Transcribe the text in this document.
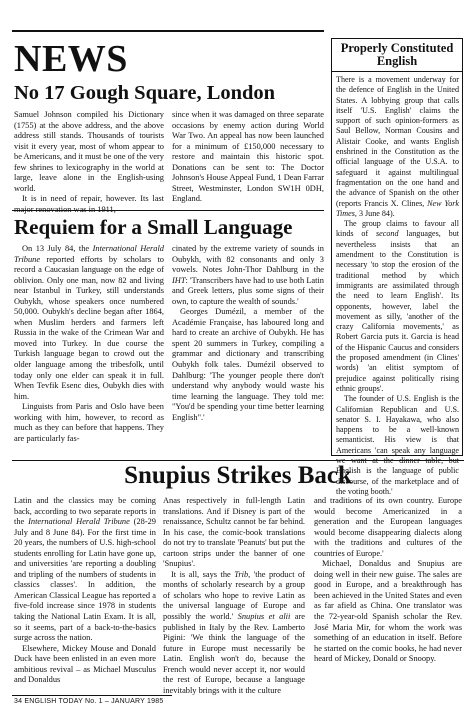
NEWS
No 17 Gough Square, London

Samuel Johnson compiled his Dictionary (1755) at the above address, and the above address still stands. Thousands of tourists visit it every year, most of whom appear to be Americans, and it must be one of the very few shrines to lexicography in the world at large, leave alone in the English-using world.

It is in need of repair, however. Its last

since when it was damaged on three separate occasions by enemy action during World War Two. An appeal has now been launched for a minimum of £150,000 necessary to restore and maintain this historic spot. Donations can be sent to: The Doctor Johnson's House Appeal Fund, 1 Dean Farrar Street, Westminster, London SW1H 0DH, England.

Requiem for a Small Language

On 13 July 84, the International Herald Tribune reported efforts by scholars to record a Caucasian language on the edge of oblivion. Only one man, now 82 and living near Istanbul in Turkey, still understands Oubykh, whose speakers once numbered 50,000. Oubykh's decline began after 1864, when Muslim herders and farmers left Russia in the wake of the Crimean War and moved into Turkey. In due course the Turkish language began to crowd out the older language among the tribesfolk, until today only one elder can speak it in full. When Tevfik Esenc dies, Oubykh dies with him.

Linguists from Paris and Oslo have been working with him, however, to record as much as they can before that happens. They are particularly fas-

cinated by the extreme variety of sounds in Oubykh, with 82 consonants and only 3 vowels. Notes John-Thor Dahlburg in the IHT: 'Transcribers have had to use both Latin and Greek letters, plus some signs of their own, to capture the wealth of sounds.'

Georges Dumézil, a member of the Académie Française, has laboured long and hard to create an archive of Oubykh. He has spent 20 summers in Turkey, compiling a grammar and dictionary and transcribing Oubykh folk tales. Dumézil observed to Dahlburg: 'The younger people there don't understand why anybody would waste his time learning the language. They told me: "You'd be spending your time better learning English".'

Properly Constituted
English

There is a movement underway for the defence of English in the United States. A lobbying group that calls itself 'U.S. English' claims the support of such opinion-formers as Saul Bellow, Norman Cousins and Alistair Cooke, and wants English enshrined in the Constitution as the official language of the U.S.A. to safeguard it against multilingual fragmentation on the one hand and the advance of Spanish on the other (reports Francis X. Clines, New York Times, 3 June 84).

The group claims to favour all kinds of second languages, but nevertheless insists that an amendment to the Constitution is necessary 'to stop the erosion of the traditional method by which immigrants are assimilated through the need to learn English'. Its opponents, however, label the movement as silly, 'another of the crazy California movements,' as Robert Garcia puts it. Garcia is head of the Hispanic Caucus and considers the proposed amendment (in Clines' words) 'an elitist symptom of prejudice against politically rising ethnic groups'.

The founder of U.S. English is the Californian Republican and U.S. senator S. I. Hayakawa, who also happens to be a well-known semanticist. His view is that Americans 'can speak any language English is the language of public discourse, of the marketplace and of the voting booth.'

Snupius Strikes Back

Latin and the classics may be coming back, according to two separate reports in the International Herald Tribune (28-29 July and 8 June 84). For the first time in 20 years, the numbers of U.S. high-school students enrolling for Latin have gone up, and universities 'are reporting a doubling and tripling of the numbers of students in classics classes'. In addition, the American Classical League has reported a five-fold increase since 1978 in students taking the National Latin Exam. It is all, so it seems, part of a back-to-the-basics surge across the nation.

Elsewhere, Mickey Mouse and Donald Duck have been enlisted in an even more ambitious revival – as Michael Musculus and Donaldus

Anas respectively in full-length Latin translations. And if Disney is part of the renaissance, Schultz cannot be far behind. In his case, the comic-book translations do not try to translate 'Peanuts' but put the cartoon strips under the banner of one 'Snupius'.

It is all, says the Trib, 'the product of months of scholarly research by a group of scholars who hope to revive Latin as the universal language of Europe and possibly the world.' Snupius et alii are published in Italy by the Rev. Lamberto Pigini: 'We think the language of the future in Europe must necessarily be Latin. English won't do, because the French would never accept it, nor would the rest of Europe, because a language inevitably brings with it the culture

and traditions of its own country. Europe would become Americanized in a generation and the European languages would become disappearing dialects along with the traditions and cultures of the countries of Europe.'

Michael, Donaldus and Snupius are doing well in their new guise. The sales are good in Europe, and a breakthrough has been achieved in the United States and even as far afield as China. One translator was the 72-year-old Spanish scholar the Rev. José Maria Mir, for whom the work was something of an education in itself. Before he started on the comic books, he had never heard of Mickey, Donald or Snoopy.

34 ENGLISH TODAY No. 1 – JANUARY 1985
